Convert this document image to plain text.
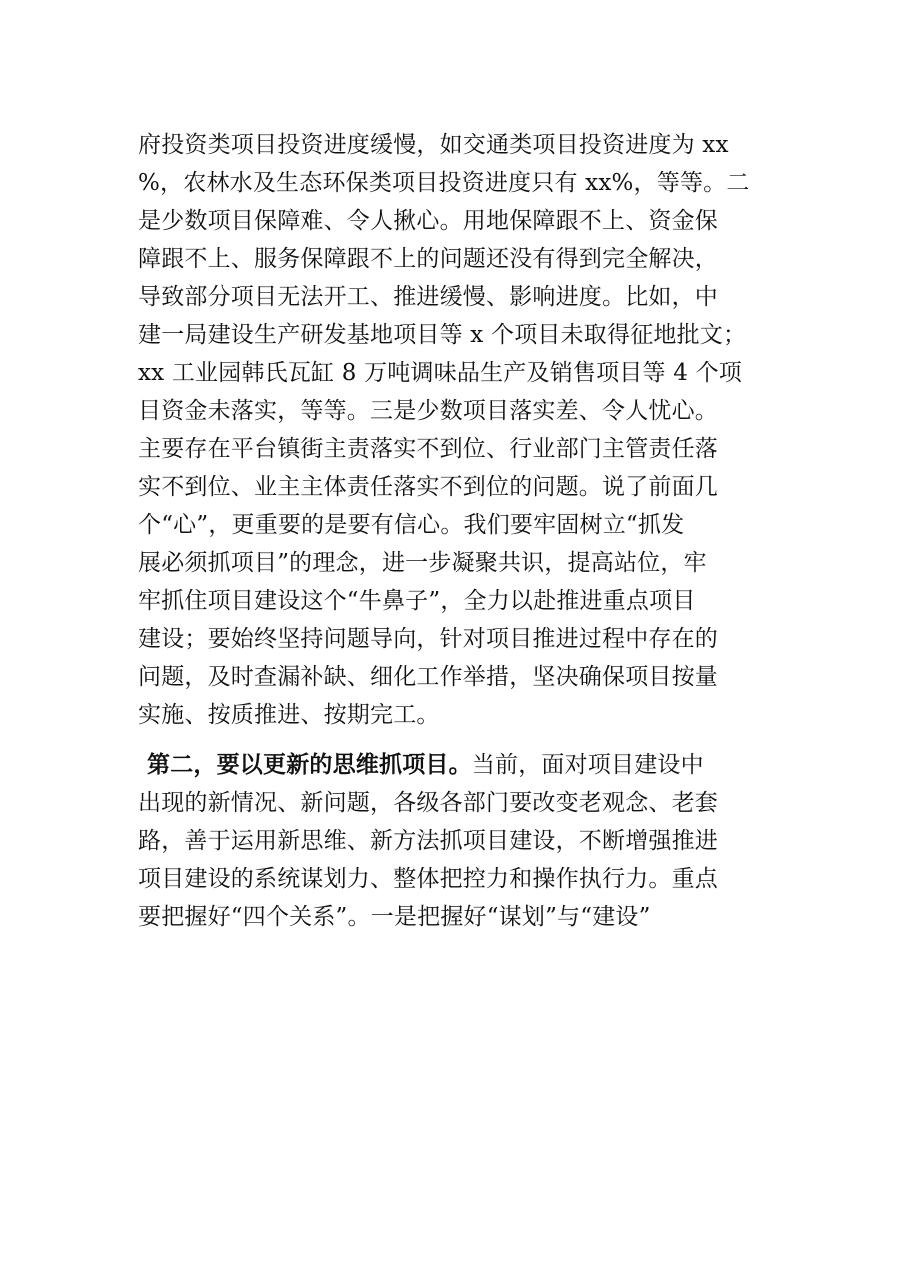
府投资类项目投资进度缓慢，如交通类项目投资进度为 xx
%，农林水及生态环保类项目投资进度只有 xx%，等等。二
是少数项目保障难、令人揪心。用地保障跟不上、资金保
障跟不上、服务保障跟不上的问题还没有得到完全解决，
导致部分项目无法开工、推进缓慢、影响进度。比如，中
建一局建设生产研发基地项目等 x 个项目未取得征地批文；
xx 工业园韩氏瓦缸 8 万吨调味品生产及销售项目等 4 个项
目资金未落实，等等。三是少数项目落实差、令人忧心。
主要存在平台镇街主责落实不到位、行业部门主管责任落
实不到位、业主主体责任落实不到位的问题。说了前面几
个“心”，更重要的是要有信心。我们要牢固树立“抓发
展必须抓项目”的理念，进一步凝聚共识，提高站位，牢
牢抓住项目建设这个“牛鼻子”，全力以赴推进重点项目
建设；要始终坚持问题导向，针对项目推进过程中存在的
问题，及时查漏补缺、细化工作举措，坚决确保项目按量
实施、按质推进、按期完工。
第二，要以更新的思维抓项目。当前，面对项目建设中
出现的新情况、新问题，各级各部门要改变老观念、老套
路，善于运用新思维、新方法抓项目建设，不断增强推进
项目建设的系统谋划力、整体把控力和操作执行力。重点
要把握好“四个关系”。一是把握好“谋划”与“建设”
